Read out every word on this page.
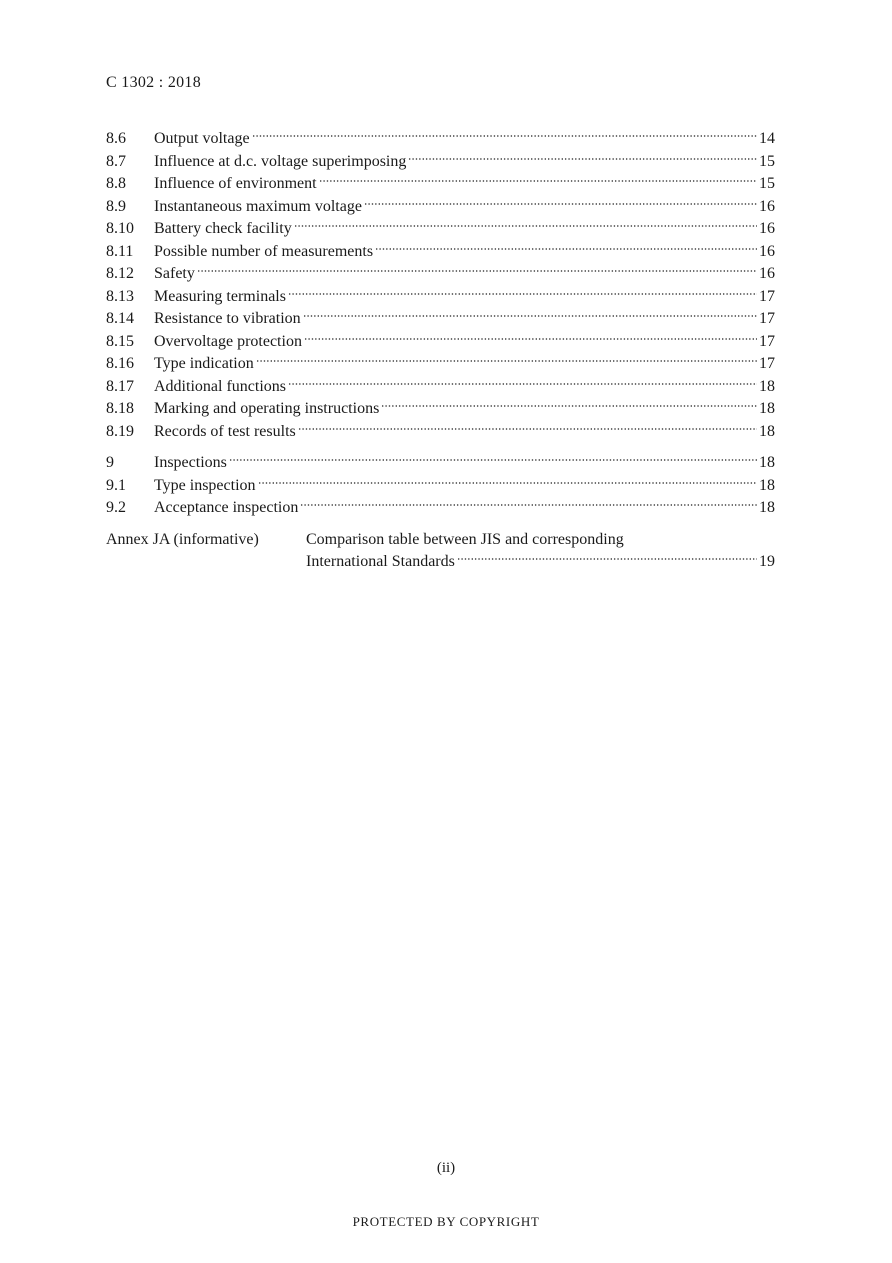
C 1302 : 2018
8.6	Output voltage	14
8.7	Influence at d.c. voltage superimposing	15
8.8	Influence of environment	15
8.9	Instantaneous maximum voltage	16
8.10	Battery check facility	16
8.11	Possible number of measurements	16
8.12	Safety	16
8.13	Measuring terminals	17
8.14	Resistance to vibration	17
8.15	Overvoltage protection	17
8.16	Type indication	17
8.17	Additional functions	18
8.18	Marking and operating instructions	18
8.19	Records of test results	18
9	Inspections	18
9.1	Type inspection	18
9.2	Acceptance inspection	18
Annex JA (informative)	Comparison table between JIS and corresponding
International Standards	19
(ii)
PROTECTED BY COPYRIGHT
